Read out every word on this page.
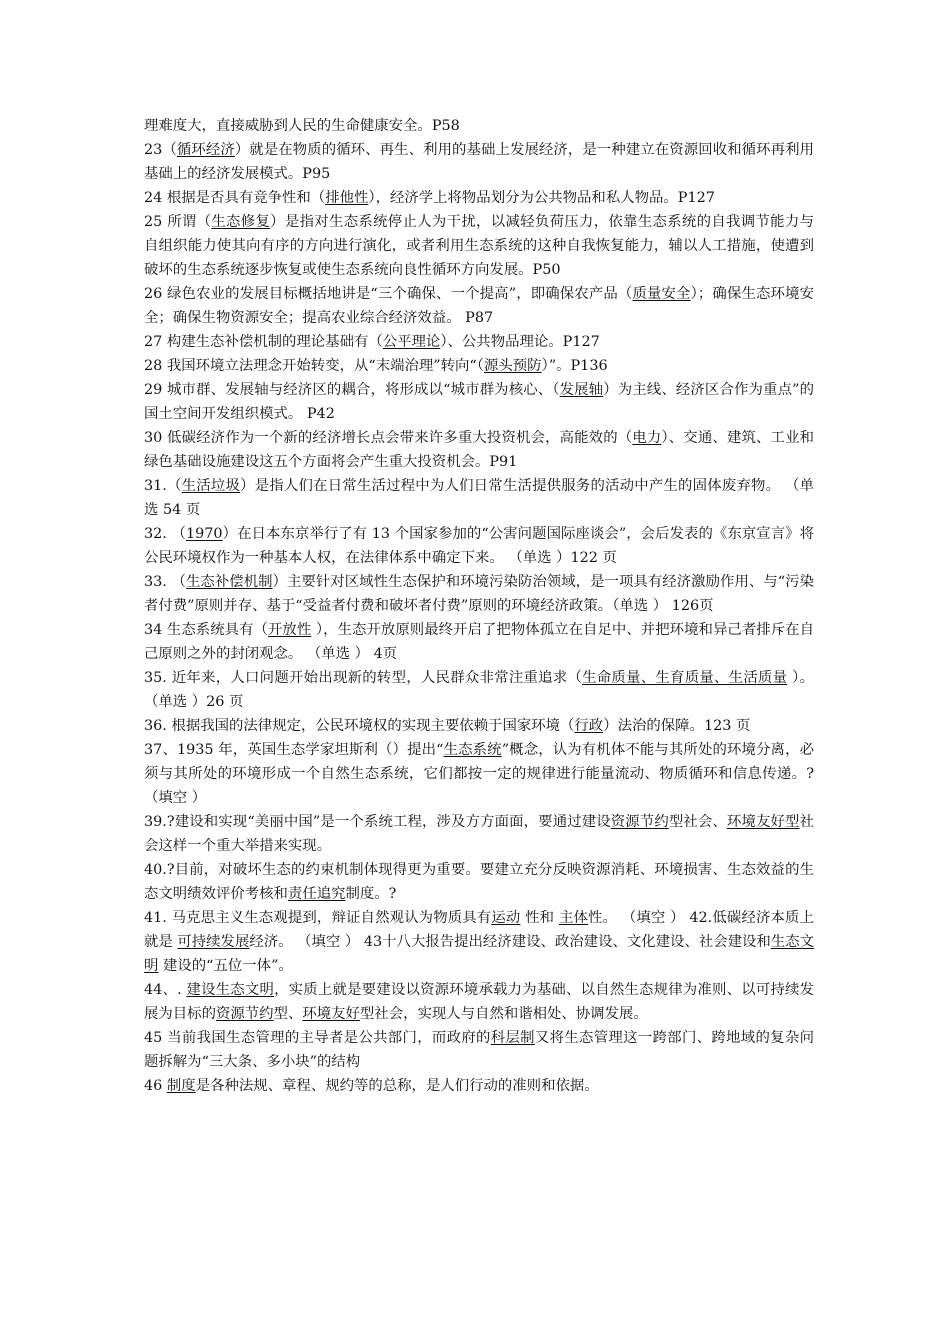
理难度大，直接威胁到人民的生命健康安全。P58

23（循环经济）就是在物质的循环、再生、利用的基础上发展经济，是一种建立在资源回收和循环再利用基础上的经济发展模式。P95

24 根据是否具有竞争性和（排他性），经济学上将物品划分为公共物品和私人物品。P127

25 所谓（生态修复）是指对生态系统停止人为干扰，以减轻负荷压力，依靠生态系统的自我调节能力与自组织能力使其向有序的方向进行演化，或者利用生态系统的这种自我恢复能力，辅以人工措施，使遭到破坏的生态系统逐步恢复或使生态系统向良性循环方向发展。P50

26 绿色农业的发展目标概括地讲是“三个确保、一个提高”，即确保农产品（质量安全）；确保生态环境安全；确保生物资源安全；提高农业综合经济效益。 P87

27 构建生态补偿机制的理论基础有（公平理论）、公共物品理论。P127

28 我国环境立法理念开始转变，从“末端治理”转向“（源头预防）”。P136

29 城市群、发展轴与经济区的耦合，将形成以“城市群为核心、（发展轴）为主线、经济区合作为重点”的国土空间开发组织模式。 P42

30 低碳经济作为一个新的经济增长点会带来许多重大投资机会，高能效的（电力）、交通、建筑、工业和绿色基础设施建设这五个方面将会产生重大投资机会。P91

31.（生活垃圾）是指人们在日常生活过程中为人们日常生活提供服务的活动中产生的固体废弃物。 （单选 54 页

32. （1970）在日本东京举行了有 13 个国家参加的“公害问题国际座谈会”，会后发表的《东京宣言》将公民环境权作为一种基本人权，在法律体系中确定下来。 （单选 ）122 页

33. （生态补偿机制）主要针对区域性生态保护和环境污染防治领域，是一项具有经济激励作用、与“污染者付费”原则并存、基于“受益者付费和破坏者付费”原则的环境经济政策。（单选 ） 126页

34 生态系统具有（开放性 ），生态开放原则最终开启了把物体孤立在自足中、并把环境和异己者排斥在自己原则之外的封闭观念。 （单选 ） 4页

35. 近年来，人口问题开始出现新的转型，人民群众非常注重追求（生命质量、生育质量、生活质量 ）。 （单选 ）26 页

36. 根据我国的法律规定，公民环境权的实现主要依赖于国家环境（行政）法治的保障。123 页

37、1935 年，英国生态学家坦斯利（）提出“生态系统”概念，认为有机体不能与其所处的环境分离，必须与其所处的环境形成一个自然生态系统，它们都按一定的规律进行能量流动、物质循环和信息传递。?（填空 ）

39.?建设和实现“美丽中国”是一个系统工程，涉及方方面面，要通过建设资源节约型社会、环境友好型社会这样一个重大举措来实现。

40.?目前，对破坏生态的约束机制体现得更为重要。要建立充分反映资源消耗、环境损害、生态效益的生态文明绩效评价考核和责任追究制度。?

41. 马克思主义生态观提到，辩证自然观认为物质具有运动 性和 主体性。 （填空 ） 42.低碳经济本质上就是 可持续发展经济。 （填空 ） 43十八大报告提出经济建设、政治建设、文化建设、社会建设和生态文明 建设的“五位一体”。

44、. 建设生态文明，实质上就是要建设以资源环境承载力为基础、以自然生态规律为准则、以可持续发展为目标的资源节约型、环境友好型社会，实现人与自然和谐相处、协调发展。

45 当前我国生态管理的主导者是公共部门，而政府的科层制又将生态管理这一跨部门、跨地域的复杂问题拆解为“三大条、多小块”的结构

46 制度是各种法规、章程、规约等的总称，是人们行动的准则和依据。
